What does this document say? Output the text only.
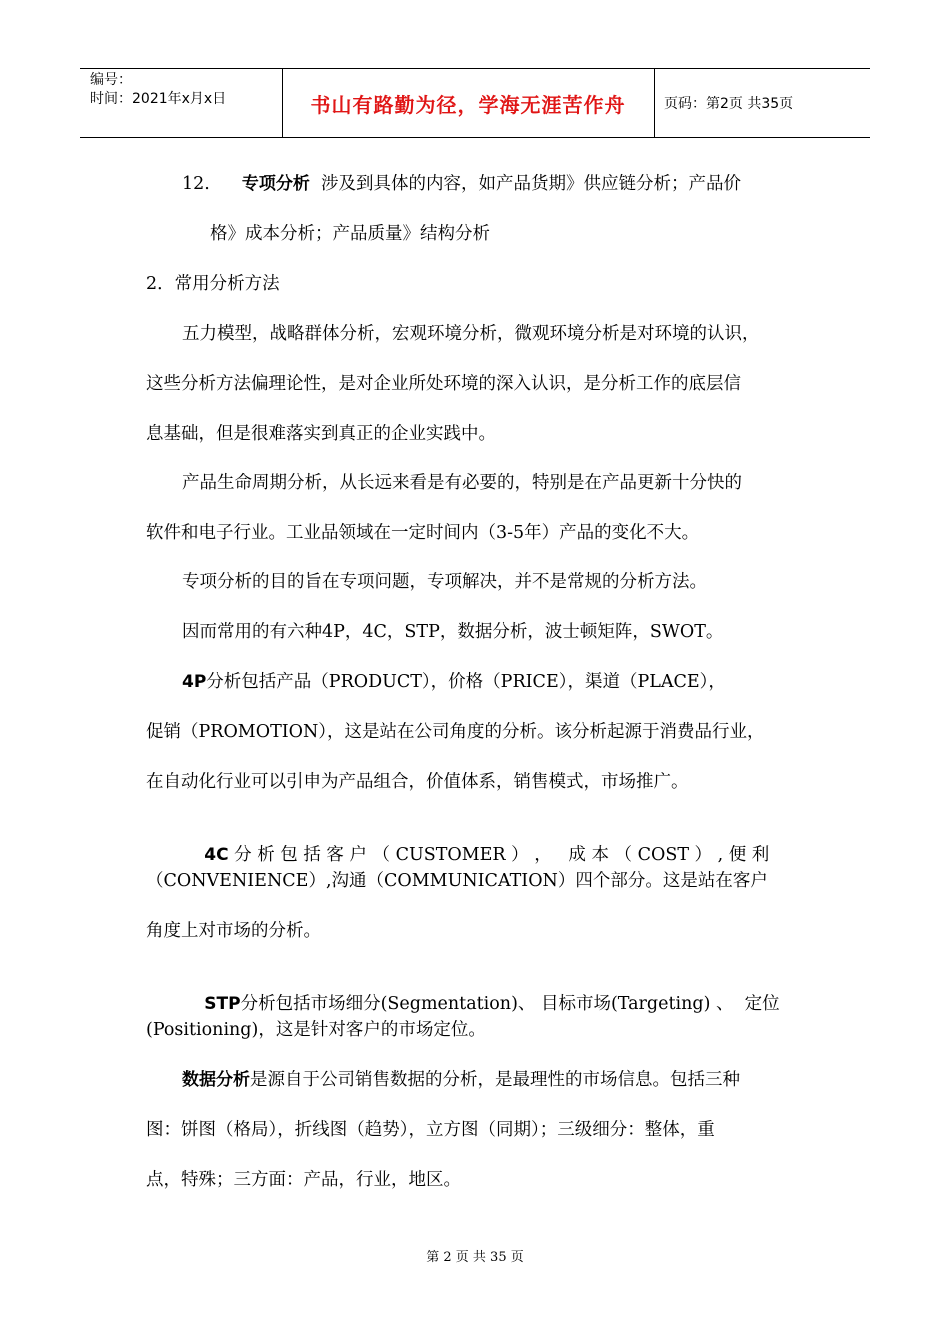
编号：
时间：2021年x月x日	书山有路勤为径，学海无涯苦作舟	页码：第2页 共35页
12. 专项分析 涉及到具体的内容，如产品货期》供应链分析；产品价
格》成本分析；产品质量》结构分析
2．常用分析方法
五力模型，战略群体分析，宏观环境分析，微观环境分析是对环境的认识，
这些分析方法偏理论性，是对企业所处环境的深入认识，是分析工作的底层信
息基础，但是很难落实到真正的企业实践中。
产品生命周期分析，从长远来看是有必要的，特别是在产品更新十分快的
软件和电子行业。工业品领域在一定时间内（3-5年）产品的变化不大。
专项分析的目的旨在专项问题，专项解决，并不是常规的分析方法。
因而常用的有六种4P，4C，STP，数据分析，波士顿矩阵，SWOT。
4P分析包括产品（PRODUCT），价格（PRICE），渠道（PLACE），
促销（PROMOTION），这是站在公司角度的分析。该分析起源于消费品行业，
在自动化行业可以引申为产品组合，价值体系，销售模式，市场推广。

4C 分 析 包 括 客 户 （ CUSTOMER ） ，   成 本 （ COST ） , 便 利

（CONVENIENCE）,沟通（COMMUNICATION）四个部分。这是站在客户
角度上对市场的分析。

STP分析包括市场细分(Segmentation)、 目标市场(Targeting) 、  定位

(Positioning)，这是针对客户的市场定位。
数据分析是源自于公司销售数据的分析，是最理性的市场信息。包括三种
图：饼图（格局），折线图（趋势），立方图（同期）；三级细分：整体，重
点，特殊；三方面：产品，行业，地区。
第 2 页 共 35 页
